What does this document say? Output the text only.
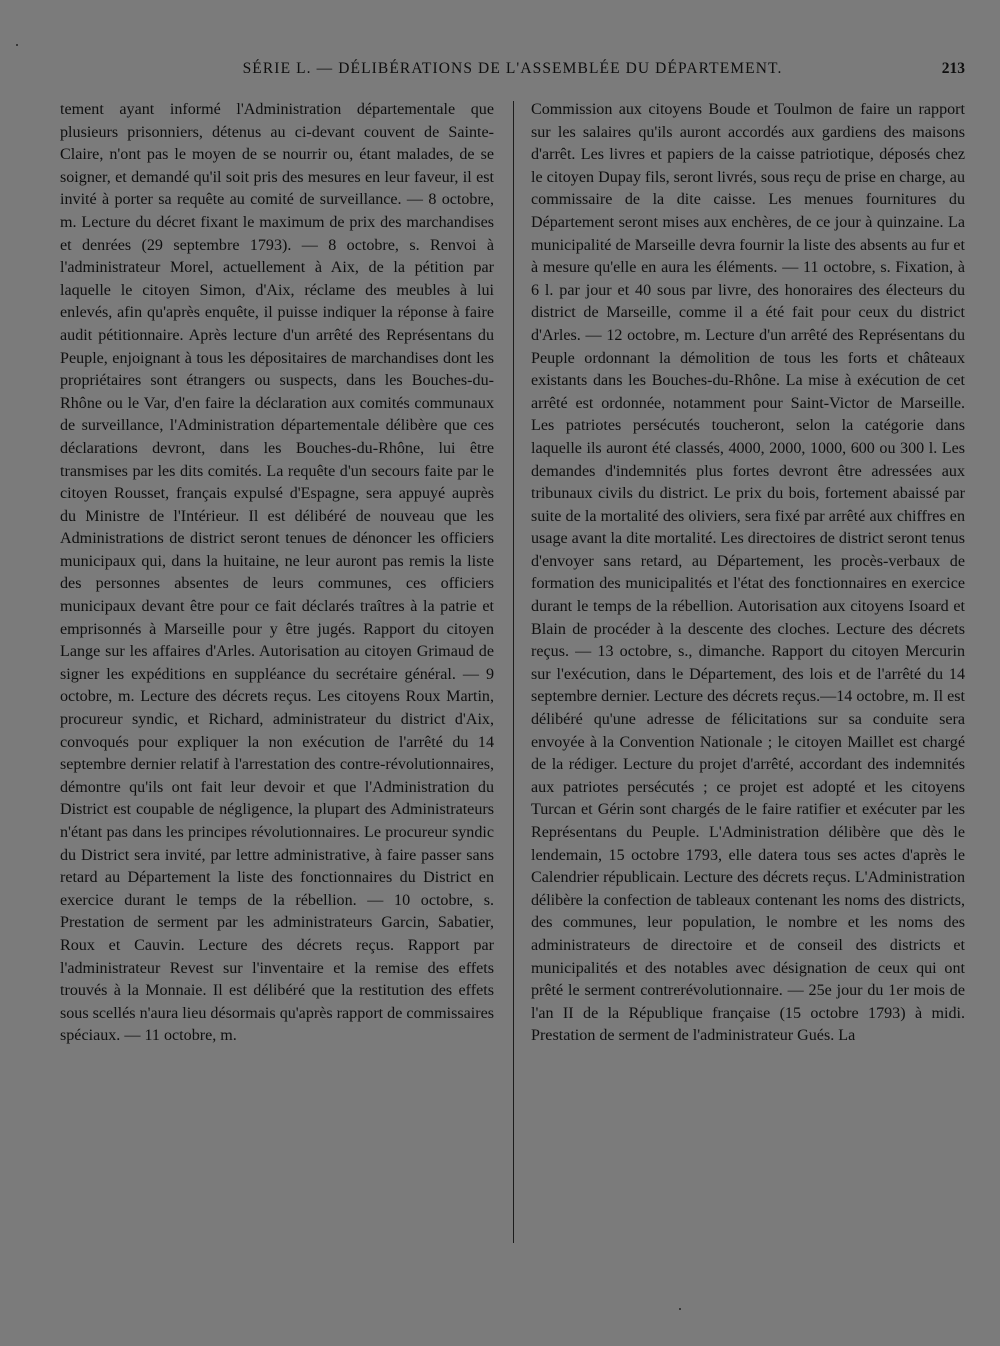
SÉRIE L. — DÉLIBÉRATIONS DE L'ASSEMBLÉE DU DÉPARTEMENT.	213

tement ayant informé l'Administration départementale que plusieurs prisonniers, détenus au ci-devant couvent de Sainte-Claire, n'ont pas le moyen de se nourrir ou, étant malades, de se soigner, et demandé qu'il soit pris des mesures en leur faveur, il est invité à porter sa requête au comité de surveillance. — 8 octobre, m. Lecture du décret fixant le maximum de prix des marchandises et denrées (29 septembre 1793). — 8 octobre, s. Renvoi à l'administrateur Morel, actuellement à Aix, de la pétition par laquelle le citoyen Simon, d'Aix, réclame des meubles à lui enlevés, afin qu'après enquête, il puisse indiquer la réponse à faire audit pétitionnaire. Après lecture d'un arrêté des Représentans du Peuple, enjoignant à tous les dépositaires de marchandises dont les propriétaires sont étrangers ou suspects, dans les Bouches-du-Rhône ou le Var, d'en faire la déclaration aux comités communaux de surveillance, l'Administration départementale délibère que ces déclarations devront, dans les Bouches-du-Rhône, lui être transmises par les dits comités. La requête d'un secours faite par le citoyen Rousset, français expulsé d'Espagne, sera appuyé auprès du Ministre de l'Intérieur. Il est délibéré de nouveau que les Administrations de district seront tenues de dénoncer les officiers municipaux qui, dans la huitaine, ne leur auront pas remis la liste des personnes absentes de leurs communes, ces officiers municipaux devant être pour ce fait déclarés traîtres à la patrie et emprisonnés à Marseille pour y être jugés. Rapport du citoyen Lange sur les affaires d'Arles. Autorisation au citoyen Grimaud de signer les expéditions en suppléance du secrétaire général. — 9 octobre, m. Lecture des décrets reçus. Les citoyens Roux Martin, procureur syndic, et Richard, administrateur du district d'Aix, convoqués pour expliquer la non exécution de l'arrêté du 14 septembre dernier relatif à l'arrestation des contre-révolutionnaires, démontre qu'ils ont fait leur devoir et que l'Administration du District est coupable de négligence, la plupart des Administrateurs n'étant pas dans les principes révolutionnaires. Le procureur syndic du District sera invité, par lettre administrative, à faire passer sans retard au Département la liste des fonctionnaires du District en exercice durant le temps de la rébellion. — 10 octobre, s. Prestation de serment par les administrateurs Garcin, Sabatier, Roux et Cauvin. Lecture des décrets reçus. Rapport par l'administrateur Revest sur l'inventaire et la remise des effets trouvés à la Monnaie. Il est délibéré que la restitution des effets sous scellés n'aura lieu désormais qu'après rapport de commissaires spéciaux. — 11 octobre, m.

Commission aux citoyens Boude et Toulmon de faire un rapport sur les salaires qu'ils auront accordés aux gardiens des maisons d'arrêt. Les livres et papiers de la caisse patriotique, déposés chez le citoyen Dupay fils, seront livrés, sous reçu de prise en charge, au commissaire de la dite caisse. Les menues fournitures du Département seront mises aux enchères, de ce jour à quinzaine. La municipalité de Marseille devra fournir la liste des absents au fur et à mesure qu'elle en aura les éléments. — 11 octobre, s. Fixation, à 6 l. par jour et 40 sous par livre, des honoraires des électeurs du district de Marseille, comme il a été fait pour ceux du district d'Arles. — 12 octobre, m. Lecture d'un arrêté des Représentans du Peuple ordonnant la démolition de tous les forts et châteaux existants dans les Bouches-du-Rhône. La mise à exécution de cet arrêté est ordonnée, notamment pour Saint-Victor de Marseille. Les patriotes persécutés toucheront, selon la catégorie dans laquelle ils auront été classés, 4000, 2000, 1000, 600 ou 300 l. Les demandes d'indemnités plus fortes devront être adressées aux tribunaux civils du district. Le prix du bois, fortement abaissé par suite de la mortalité des oliviers, sera fixé par arrêté aux chiffres en usage avant la dite mortalité. Les directoires de district seront tenus d'envoyer sans retard, au Département, les procès-verbaux de formation des municipalités et l'état des fonctionnaires en exercice durant le temps de la rébellion. Autorisation aux citoyens Isoard et Blain de procéder à la descente des cloches. Lecture des décrets reçus. — 13 octobre, s., dimanche. Rapport du citoyen Mercurin sur l'exécution, dans le Département, des lois et de l'arrêté du 14 septembre dernier. Lecture des décrets reçus.—14 octobre, m. Il est délibéré qu'une adresse de félicitations sur sa conduite sera envoyée à la Convention Nationale ; le citoyen Maillet est chargé de la rédiger. Lecture du projet d'arrêté, accordant des indemnités aux patriotes persécutés ; ce projet est adopté et les citoyens Turcan et Gérin sont chargés de le faire ratifier et exécuter par les Représentans du Peuple. L'Administration délibère que dès le lendemain, 15 octobre 1793, elle datera tous ses actes d'après le Calendrier républicain. Lecture des décrets reçus. L'Administration délibère la confection de tableaux contenant les noms des districts, des communes, leur population, le nombre et les noms des administrateurs de directoire et de conseil des districts et municipalités et des notables avec désignation de ceux qui ont prêté le serment contrerévolutionnaire. — 25e jour du 1er mois de l'an II de la République française (15 octobre 1793) à midi. Prestation de serment de l'administrateur Gués. La
